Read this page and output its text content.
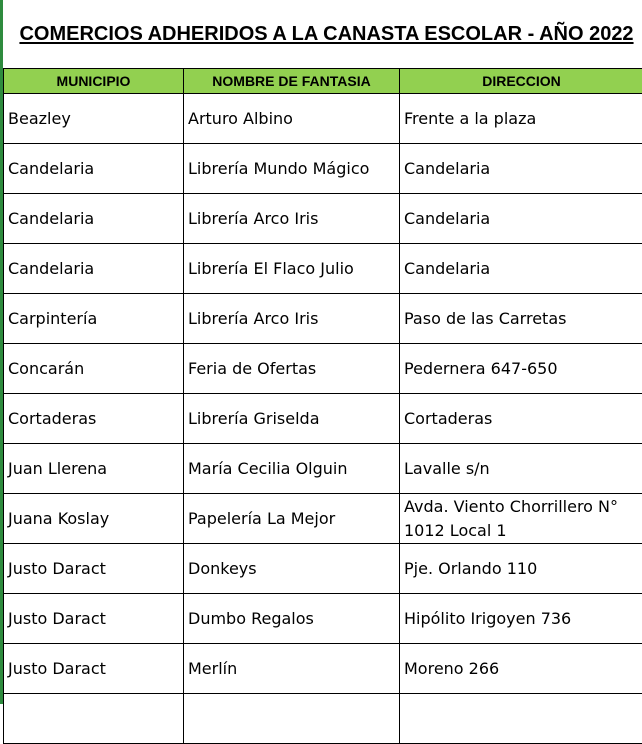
COMERCIOS ADHERIDOS A LA CANASTA ESCOLAR - AÑO 2022
MUNICIPIO	NOMBRE DE FANTASIA	DIRECCION
Beazley	Arturo Albino	Frente a la plaza
Candelaria	Librería Mundo Mágico	Candelaria
Candelaria	Librería Arco Iris	Candelaria
Candelaria	Librería El Flaco Julio	Candelaria
Carpintería	Librería Arco Iris	Paso de las Carretas
Concarán	Feria de Ofertas	Pedernera 647-650
Cortaderas	Librería Griselda	Cortaderas
Juan Llerena	María Cecilia Olguin	Lavalle s/n
Juana Koslay	Papelería La Mejor	Avda. Viento Chorrillero N° 1012 Local 1
Justo Daract	Donkeys	Pje. Orlando 110
Justo Daract	Dumbo Regalos	Hipólito Irigoyen 736
Justo Daract	Merlín	Moreno 266
